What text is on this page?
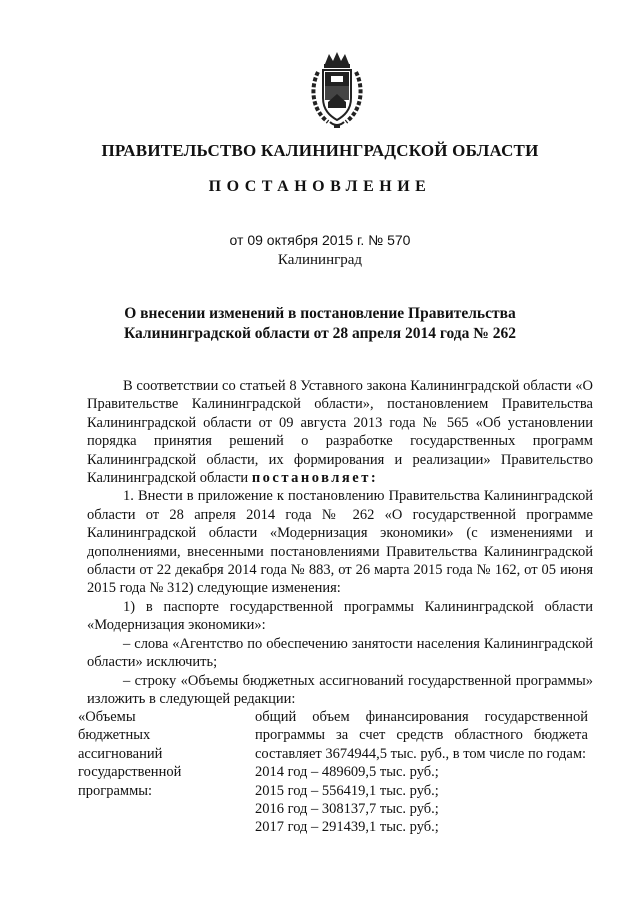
ПРАВИТЕЛЬСТВО КАЛИНИНГРАДСКОЙ ОБЛАСТИ
ПОСТАНОВЛЕНИЕ
от 09 октября 2015 г. № 570
Калининград
О внесении изменений в постановление Правительства
Калининградской области от 28 апреля 2014 года № 262

В соответствии со статьей 8 Уставного закона Калининградской области «О Правительстве Калининградской области», постановлением Правительства Калининградской области от 09 августа 2013 года № 565 «Об установлении порядка принятия решений о разработке государственных программ Калининградской области, их формирования и реализации» Правительство Калининградской области постановляет:

1. Внести в приложение к постановлению Правительства Калининградской области от 28 апреля 2014 года № 262 «О государственной программе Калининградской области «Модернизация экономики» (с изменениями и дополнениями, внесенными постановлениями Правительства Калининградской области от 22 декабря 2014 года № 883, от 26 марта 2015 года № 162, от 05 июня 2015 года № 312) следующие изменения:

1) в паспорте государственной программы Калининградской области «Модернизация экономики»:

– слова «Агентство по обеспечению занятости населения Калининградской области» исключить;

– строку «Объемы бюджетных ассигнований государственной программы» изложить в следующей редакции:

«Объемы
бюджетных
ассигнований
государственной
программы:
общий объем финансирования государственной программы за счет средств областного бюджета составляет 3674944,5 тыс. руб., в том числе по годам:
2014 год – 489609,5 тыс. руб.;
2015 год – 556419,1 тыс. руб.;
2016 год – 308137,7 тыс. руб.;
2017 год – 291439,1 тыс. руб.;
